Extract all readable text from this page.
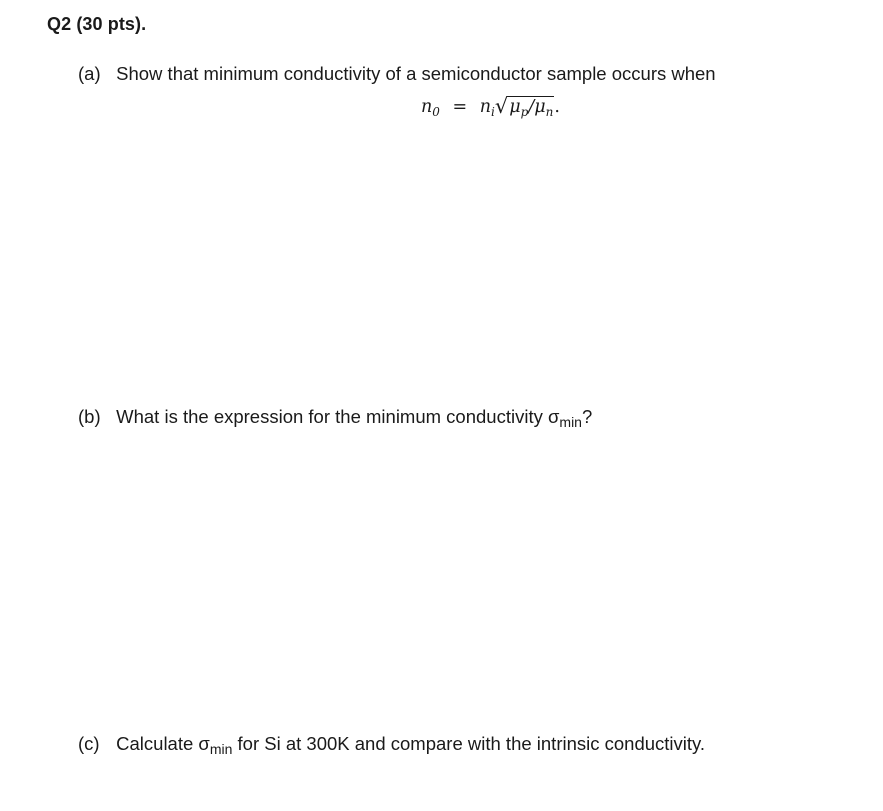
Q2 (30 pts).
(a) Show that minimum conductivity of a semiconductor sample occurs when
$n_0 = n_i√\mu_p/\mu_n$.
(b) What is the expression for the minimum conductivity $\sigma_{min}$?
(c) Calculate $\sigma_{min}$ for Si at 300K and compare with the intrinsic conductivity.
